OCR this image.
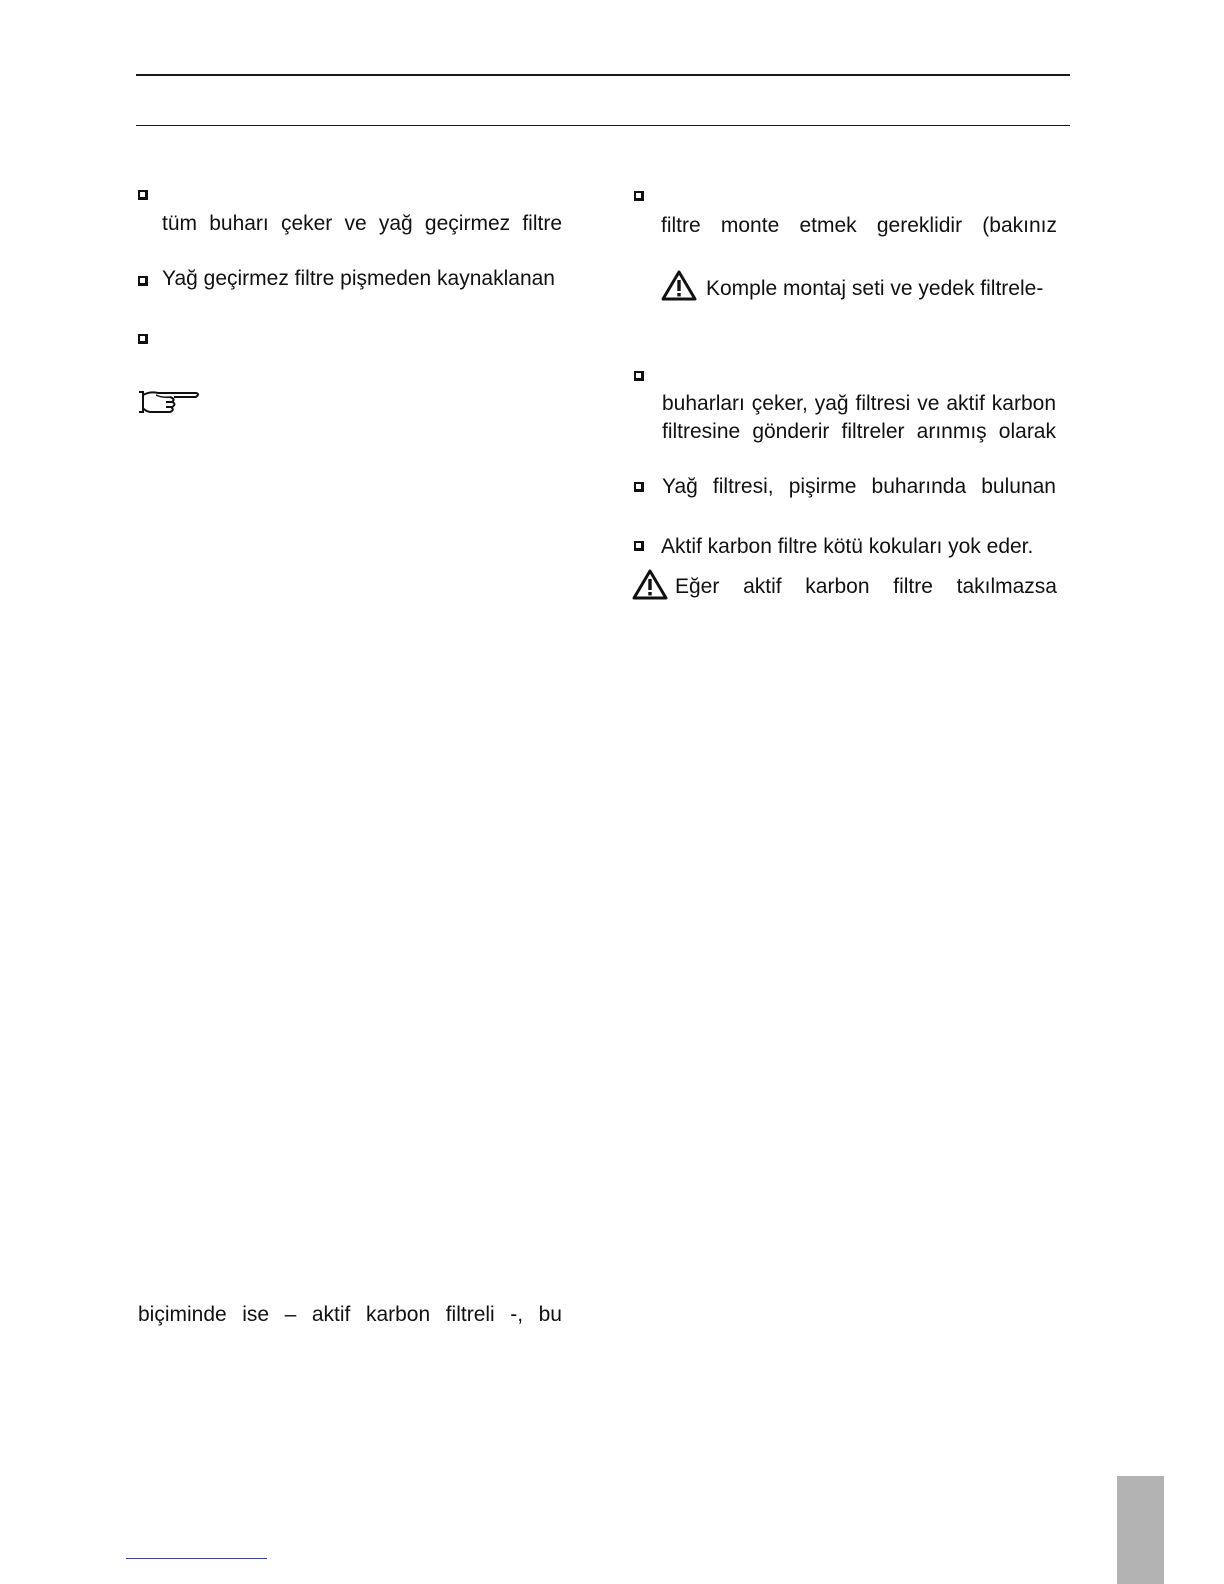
tüm buharı çeker ve yağ geçirmez filtre
Yağ geçirmez filtre pişmeden kaynaklanan
biçiminde ise – aktif karbon filtreli -, bu
filtre monte etmek gereklidir (bakınız
Komple montaj seti ve yedek filtrele-
buharları çeker, yağ filtresi ve aktif karbon
filtresine gönderir filtreler arınmış olarak
Yağ filtresi, pişirme buharında bulunan
Aktif karbon filtre kötü kokuları yok eder.
Eğer aktif karbon filtre takılmazsa
